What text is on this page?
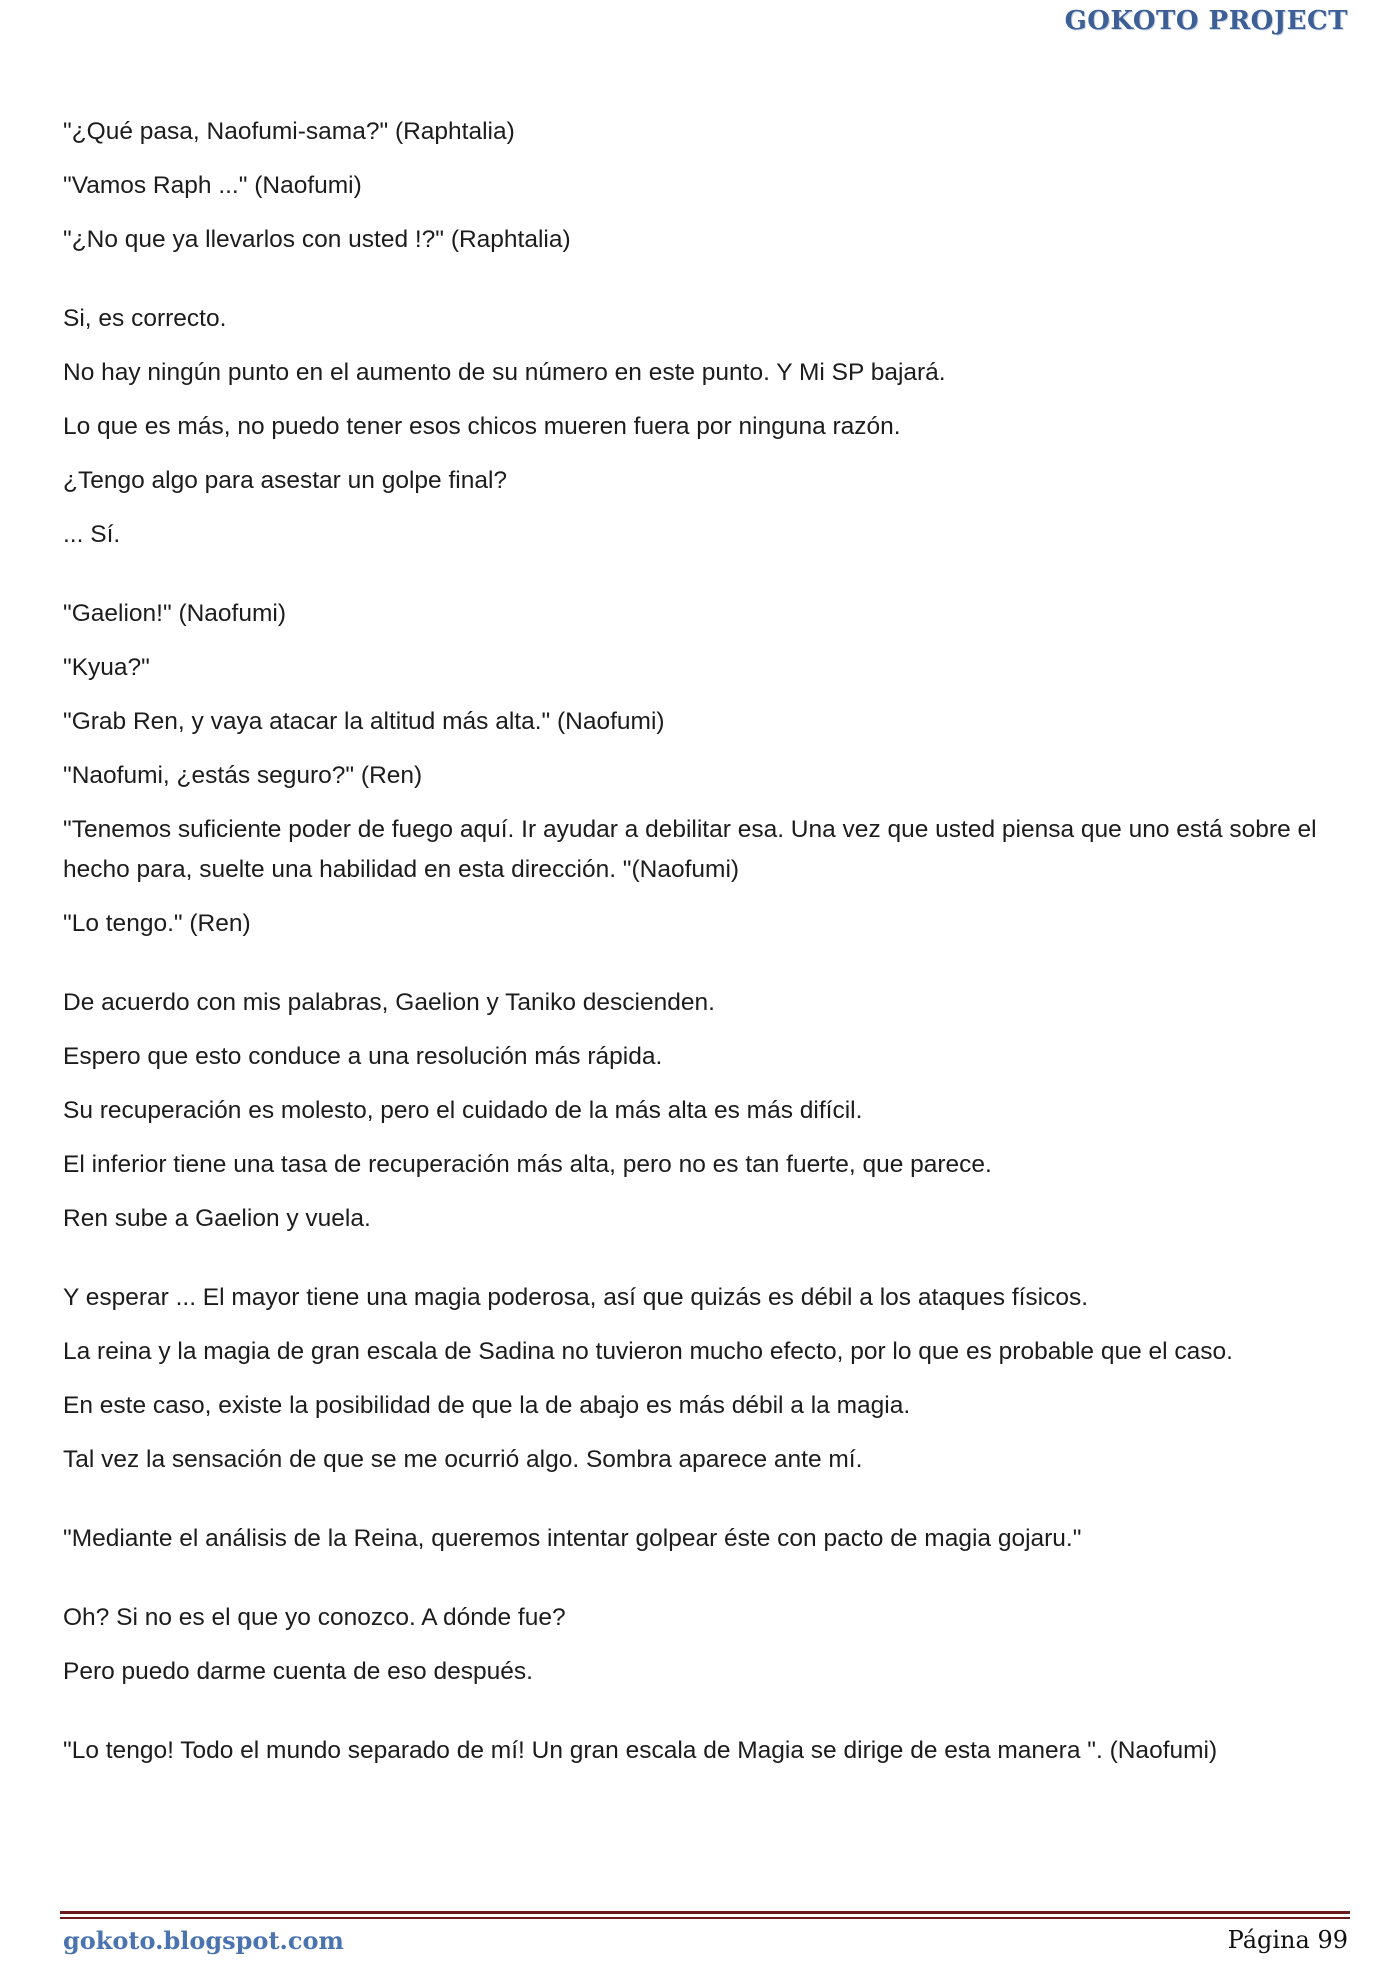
GOKOTO PROJECT

"¿Qué pasa, Naofumi-sama?" (Raphtalia)

"Vamos Raph ..." (Naofumi)

"¿No que ya llevarlos con usted !?" (Raphtalia)

Si, es correcto.

No hay ningún punto en el aumento de su número en este punto. Y Mi SP bajará.

Lo que es más, no puedo tener esos chicos mueren fuera por ninguna razón.

¿Tengo algo para asestar un golpe final?

... Sí.

"Gaelion!" (Naofumi)

"Kyua?"

"Grab Ren, y vaya atacar la altitud más alta." (Naofumi)

"Naofumi, ¿estás seguro?" (Ren)

"Tenemos suficiente poder de fuego aquí. Ir ayudar a debilitar esa. Una vez que usted piensa que uno está sobre el hecho para, suelte una habilidad en esta dirección. "(Naofumi)

"Lo tengo." (Ren)

De acuerdo con mis palabras, Gaelion y Taniko descienden.

Espero que esto conduce a una resolución más rápida.

Su recuperación es molesto, pero el cuidado de la más alta es más difícil.

El inferior tiene una tasa de recuperación más alta, pero no es tan fuerte, que parece.

Ren sube a Gaelion y vuela.

Y esperar ... El mayor tiene una magia poderosa, así que quizás es débil a los ataques físicos.

La reina y la magia de gran escala de Sadina no tuvieron mucho efecto, por lo que es probable que el caso.

En este caso, existe la posibilidad de que la de abajo es más débil a la magia.

Tal vez la sensación de que se me ocurrió algo. Sombra aparece ante mí.

"Mediante el análisis de la Reina, queremos intentar golpear éste con pacto de magia gojaru."

Oh? Si no es el que yo conozco. A dónde fue?

Pero puedo darme cuenta de eso después.

"Lo tengo! Todo el mundo separado de mí! Un gran escala de Magia se dirige de esta manera ". (Naofumi)

gokoto.blogspot.com	Página 99
